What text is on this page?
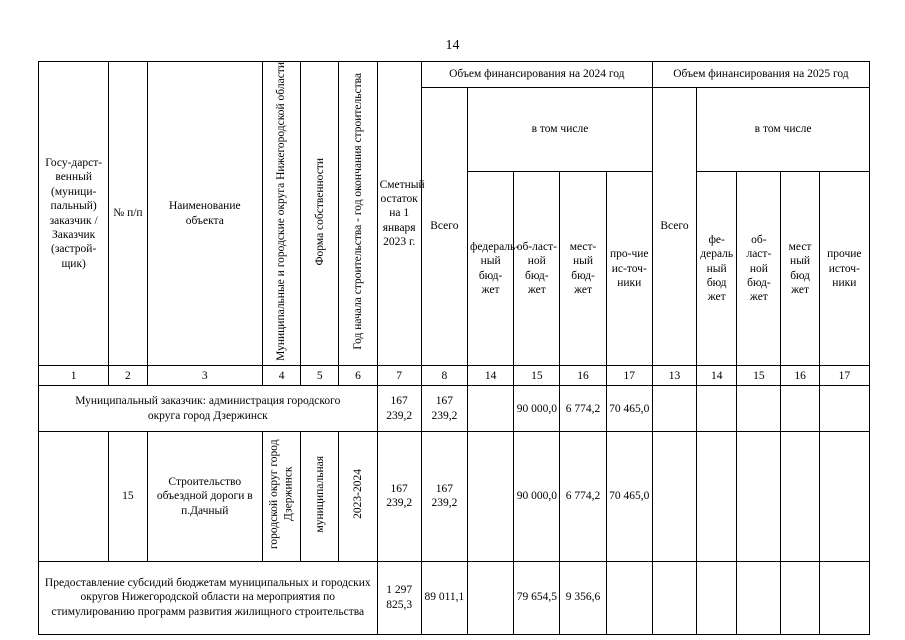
14
Госу-дарст-венный (муници-пальный) заказчик / Заказчик (застрой-щик)	№ п/п	Наименование объекта	Муниципальные и городские округа Нижегородской области	Форма собственности	Год начала строительства - год окончания строительства	Сметный остаток на 1 января 2023 г.	Объем финансирования на 2024 год					Объем финансирования на 2025 год				
							Всего	в том числе				Всего	в том числе			
								федераль-ный бюд-жет	об-ласт-ной бюд-жет	мест-ный бюд-жет	про-чие ис-точ-ники		фе-дераль ный бюд жет	об-ласт-ной бюд-жет	мест ный бюд жет	прочие источ-ники
1	2	3	4	5	6	7	8	14	15	16	17	13	14	15	16	17

Муниципальный заказчик: администрация городского округа город Дзержинск						167 239,2	167 239,2		90 000,0	6 774,2	70 465,0					
	15	Строительство объездной дороги в п.Дачный	городской округ город Дзержинск	муниципальная	2023-2024	167 239,2	167 239,2		90 000,0	6 774,2	70 465,0					
Предоставление субсидий бюджетам муниципальных и городских округов Нижегородской области на мероприятия по стимулированию программ развития жилищного строительства						1 297 825,3	89 011,1		79 654,5	9 356,6						
